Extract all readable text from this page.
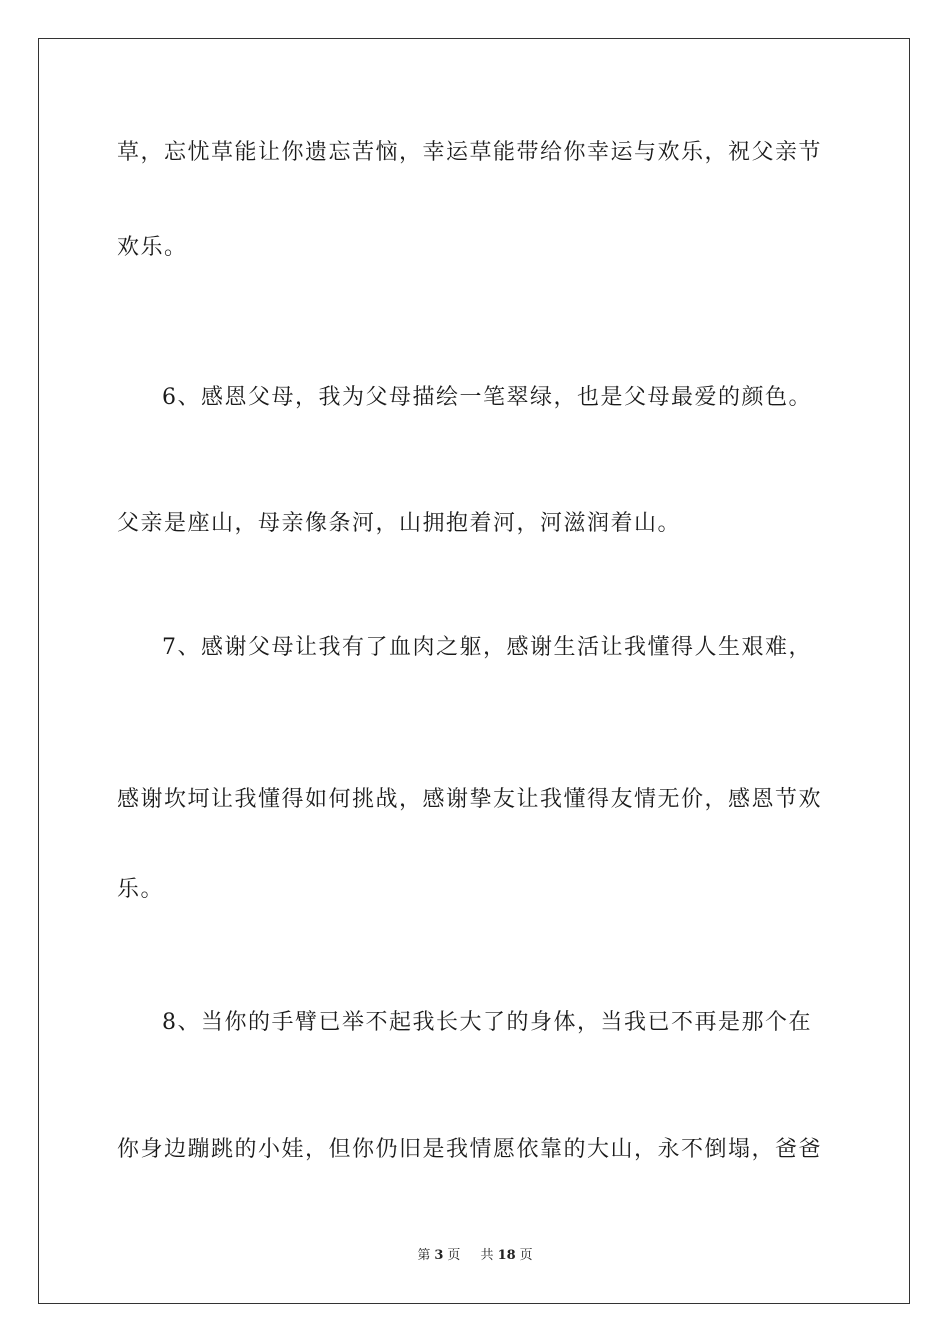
草，忘忧草能让你遗忘苦恼，幸运草能带给你幸运与欢乐，祝父亲节
欢乐。
6、感恩父母，我为父母描绘一笔翠绿，也是父母最爱的颜色。
父亲是座山，母亲像条河，山拥抱着河，河滋润着山。
7、感谢父母让我有了血肉之躯，感谢生活让我懂得人生艰难，
感谢坎坷让我懂得如何挑战，感谢挚友让我懂得友情无价，感恩节欢
乐。
8、当你的手臂已举不起我长大了的身体，当我已不再是那个在
你身边蹦跳的小娃，但你仍旧是我情愿依靠的大山，永不倒塌，爸爸
第 3 页 共 18 页
